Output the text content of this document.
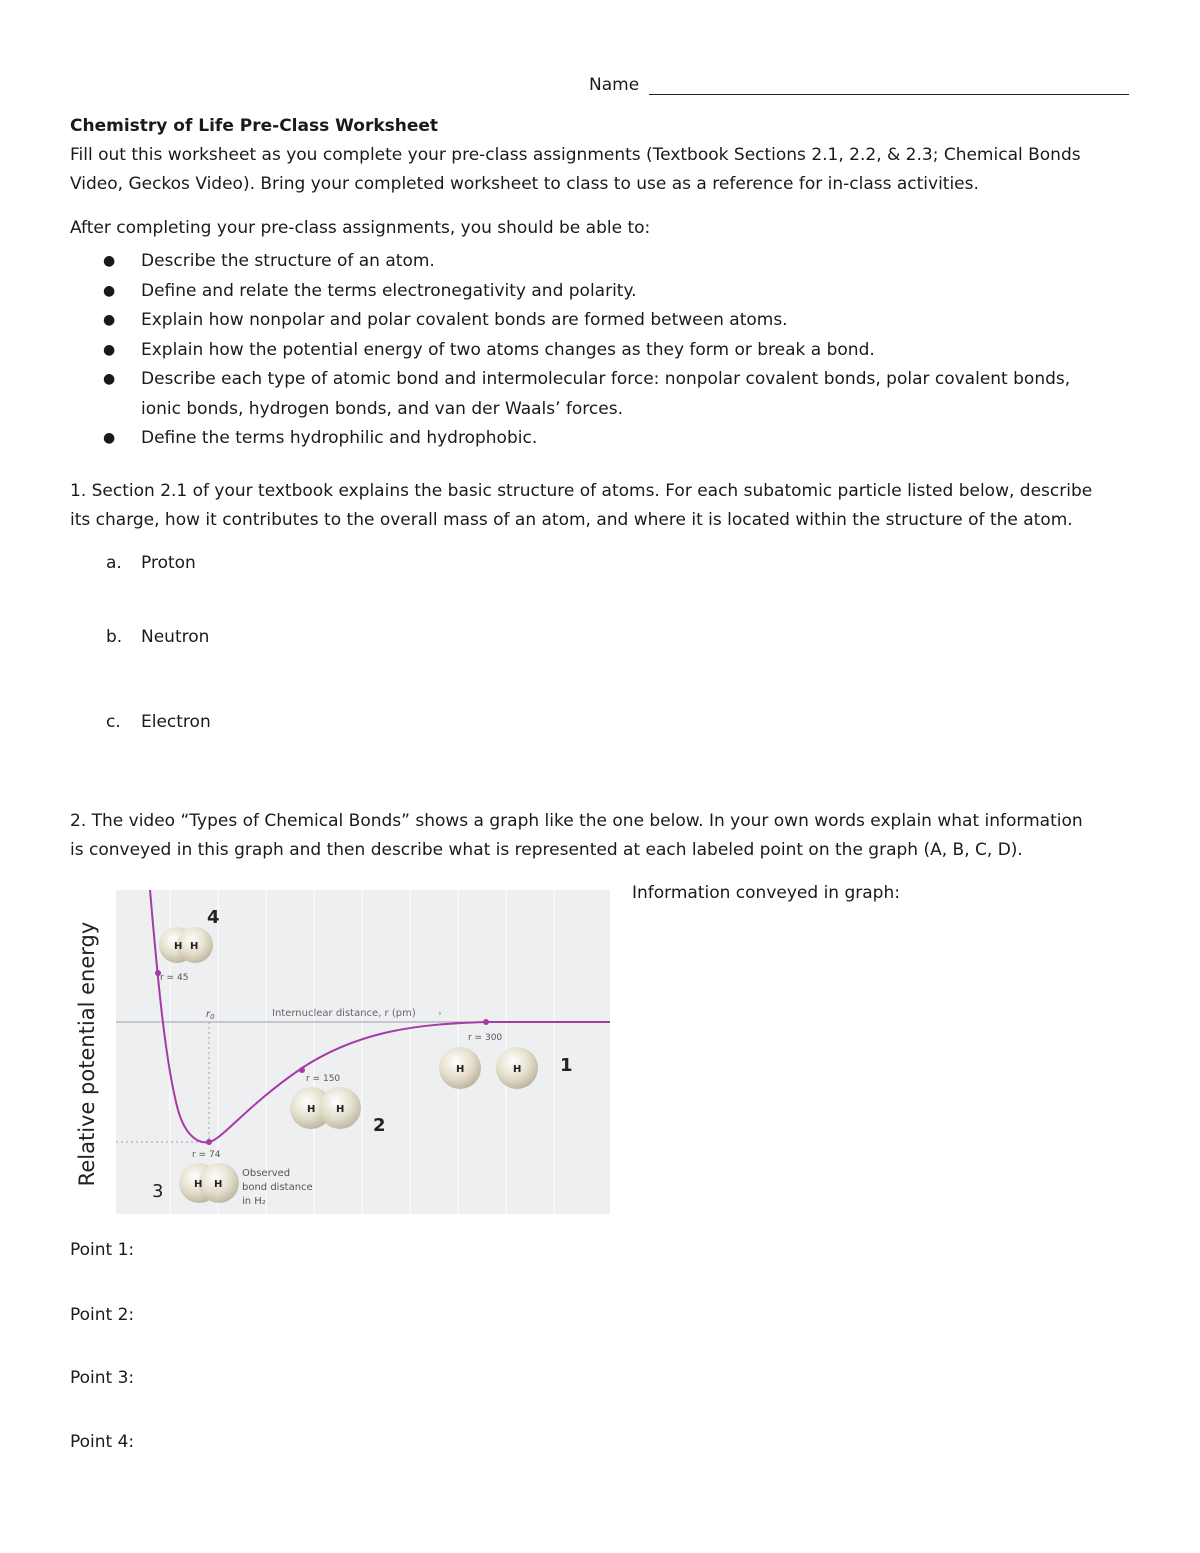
Name
Chemistry of Life Pre-Class Worksheet
Fill out this worksheet as you complete your pre-class assignments (Textbook Sections 2.1, 2.2, & 2.3; Chemical Bonds
Video, Geckos Video). Bring your completed worksheet to class to use as a reference for in-class activities.
After completing your pre-class assignments, you should be able to:
● Describe the structure of an atom.
● Define and relate the terms electronegativity and polarity.
● Explain how nonpolar and polar covalent bonds are formed between atoms.
● Explain how the potential energy of two atoms changes as they form or break a bond.
● Describe each type of atomic bond and intermolecular force: nonpolar covalent bonds, polar covalent bonds,
ionic bonds, hydrogen bonds, and van der Waals’ forces.
● Define the terms hydrophilic and hydrophobic.
1. Section 2.1 of your textbook explains the basic structure of atoms. For each subatomic particle listed below, describe
its charge, how it contributes to the overall mass of an atom, and where it is located within the structure of the atom.
a. Proton
b. Neutron
c. Electron
2. The video “Types of Chemical Bonds” shows a graph like the one below. In your own words explain what information
is conveyed in this graph and then describe what is represented at each labeled point on the graph (A, B, C, D).
Information conveyed in graph:
Relative potential energy	$r_0$	Internuclear distance, r (pm) ›
H H
4
r = 45
r = 300
H	H 1
r = 150
H H
2
r = 74
H H
3
Observed
bond distance
in H₂
Point 1:
Point 2:
Point 3:
Point 4:
